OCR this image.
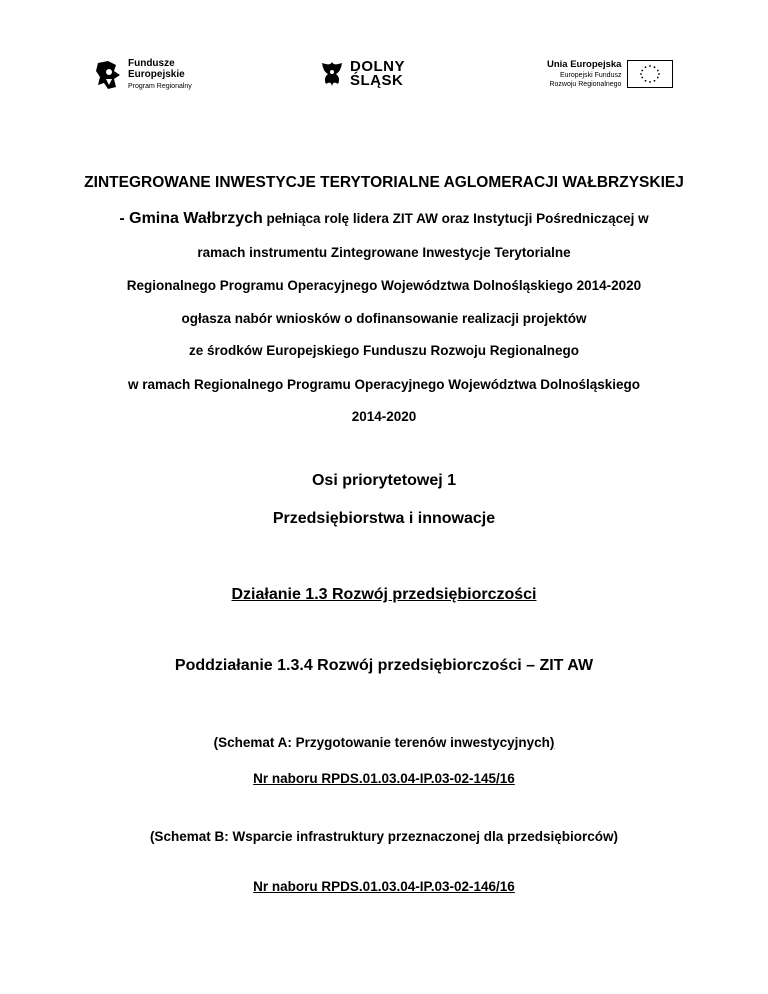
Fundusze
Europejskie
Program Regionalny
DOLNY
ŚLĄSK
Unia Europejska
Europejski Fundusz
Rozwoju Regionalnego
ZINTEGROWANE INWESTYCJE TERYTORIALNE AGLOMERACJI WAŁBRZYSKIEJ
- Gmina Wałbrzych pełniąca rolę lidera ZIT AW oraz Instytucji Pośredniczącej w
ramach instrumentu Zintegrowane Inwestycje Terytorialne
Regionalnego Programu Operacyjnego Województwa Dolnośląskiego 2014-2020
ogłasza nabór wniosków o dofinansowanie realizacji projektów
ze środków Europejskiego Funduszu Rozwoju Regionalnego
w ramach Regionalnego Programu Operacyjnego Województwa Dolnośląskiego
2014-2020
Osi priorytetowej 1
Przedsiębiorstwa i innowacje
Działanie 1.3 Rozwój przedsiębiorczości
Poddziałanie 1.3.4 Rozwój przedsiębiorczości – ZIT AW
(Schemat A: Przygotowanie terenów inwestycyjnych)
Nr naboru RPDS.01.03.04-IP.03-02-145/16
(Schemat B: Wsparcie infrastruktury przeznaczonej dla przedsiębiorców)
Nr naboru RPDS.01.03.04-IP.03-02-146/16
